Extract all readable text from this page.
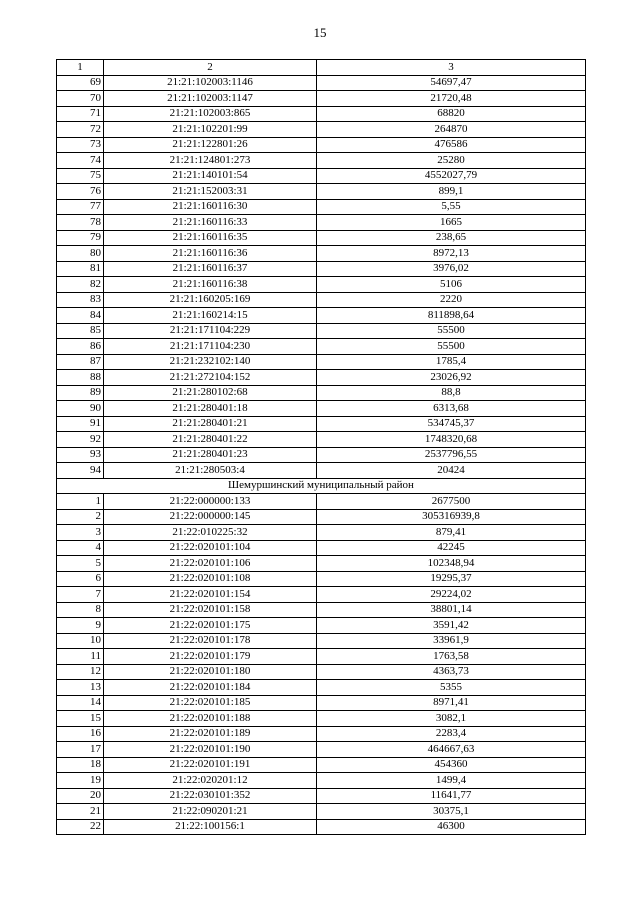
15
1	2	3
69	21:21:102003:1146	54697,47
70	21:21:102003:1147	21720,48
71	21:21:102003:865	68820
72	21:21:102201:99	264870
73	21:21:122801:26	476586
74	21:21:124801:273	25280
75	21:21:140101:54	4552027,79
76	21:21:152003:31	899,1
77	21:21:160116:30	5,55
78	21:21:160116:33	1665
79	21:21:160116:35	238,65
80	21:21:160116:36	8972,13
81	21:21:160116:37	3976,02
82	21:21:160116:38	5106
83	21:21:160205:169	2220
84	21:21:160214:15	811898,64
85	21:21:171104:229	55500
86	21:21:171104:230	55500
87	21:21:232102:140	1785,4
88	21:21:272104:152	23026,92
89	21:21:280102:68	88,8
90	21:21:280401:18	6313,68
91	21:21:280401:21	534745,37
92	21:21:280401:22	1748320,68
93	21:21:280401:23	2537796,55
94	21:21:280503:4	20424
Шемуршинский муниципальный район		
1	21:22:000000:133	2677500
2	21:22:000000:145	305316939,8
3	21:22:010225:32	879,41
4	21:22:020101:104	42245
5	21:22:020101:106	102348,94
6	21:22:020101:108	19295,37
7	21:22:020101:154	29224,02
8	21:22:020101:158	38801,14
9	21:22:020101:175	3591,42
10	21:22:020101:178	33961,9
11	21:22:020101:179	1763,58
12	21:22:020101:180	4363,73
13	21:22:020101:184	5355
14	21:22:020101:185	8971,41
15	21:22:020101:188	3082,1
16	21:22:020101:189	2283,4
17	21:22:020101:190	464667,63
18	21:22:020101:191	454360
19	21:22:020201:12	1499,4
20	21:22:030101:352	11641,77
21	21:22:090201:21	30375,1
22	21:22:100156:1	46300
